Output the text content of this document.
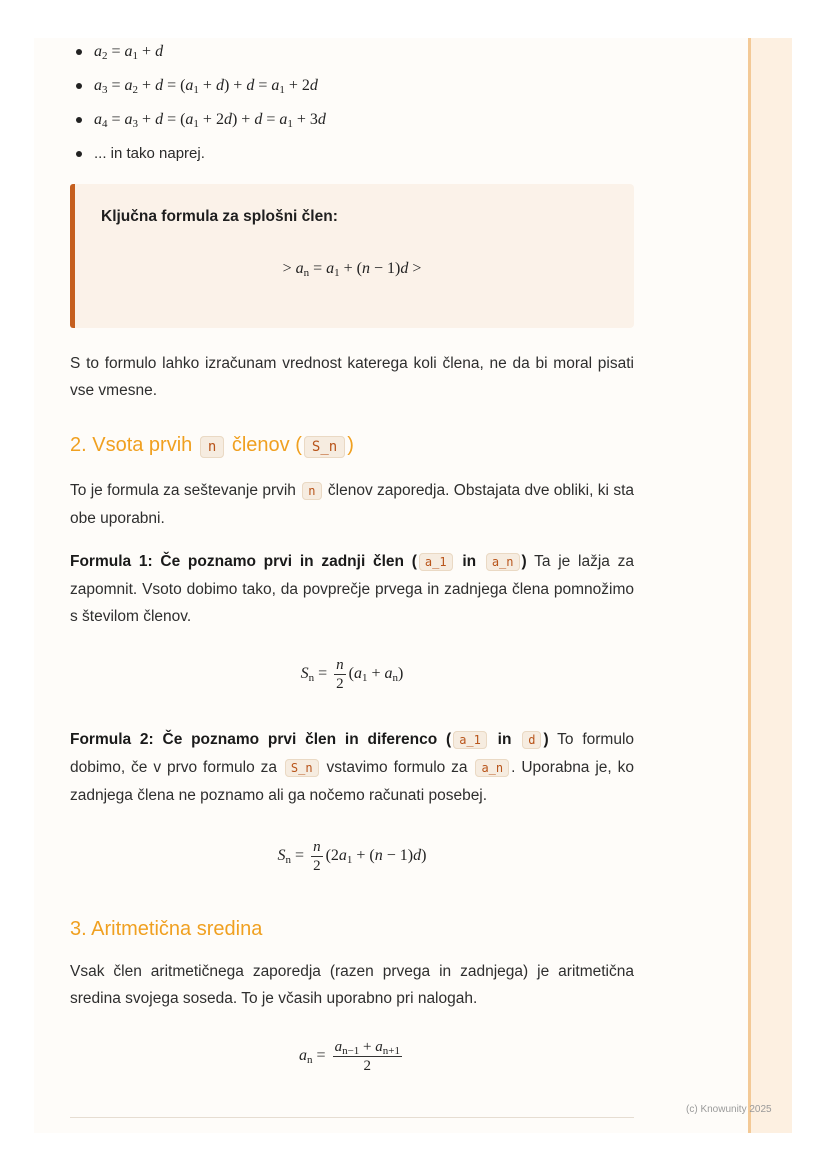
$a_2 = a_1 + d$
$a_3 = a_2 + d = (a_1 + d) + d = a_1 + 2d$
$a_4 = a_3 + d = (a_1 + 2d) + d = a_1 + 3d$
... in tako naprej.
Ključna formula za splošni člen:
> $a_n = a_1 + (n - 1)d$ >
S to formulo lahko izračunam vrednost katerega koli člena, ne da bi moral pisati vse vmesne.
2. Vsota prvih n členov ( S_n )
To je formula za seštevanje prvih n členov zaporedja. Obstajata dve obliki, ki sta obe uporabni.
Formula 1: Če poznamo prvi in zadnji člen ( a_1 in a_n ) Ta je lažja za zapomnit. Vsoto dobimo tako, da povprečje prvega in zadnjega člena pomnožimo s številom členov.
$S_n = \frac{n}{2} (a_1 + a_n)$
Formula 2: Če poznamo prvi člen in diferenco ( a_1 in d ) To formulo dobimo, če v prvo formulo za S_n vstavimo formulo za a_n . Uporabna je, ko zadnjega člena ne poznamo ali ga nočemo računati posebej.
$S_n = \frac{n}{2} (2a_1 + (n - 1)d)$
3. Aritmetična sredina
Vsak člen aritmetičnega zaporedja (razen prvega in zadnjega) je aritmetična sredina svojega soseda. To je včasih uporabno pri nalogah.
$a_n = \frac{a_{n-1} + a_{n+1}}{2}$
(c) Knowunity 2025
